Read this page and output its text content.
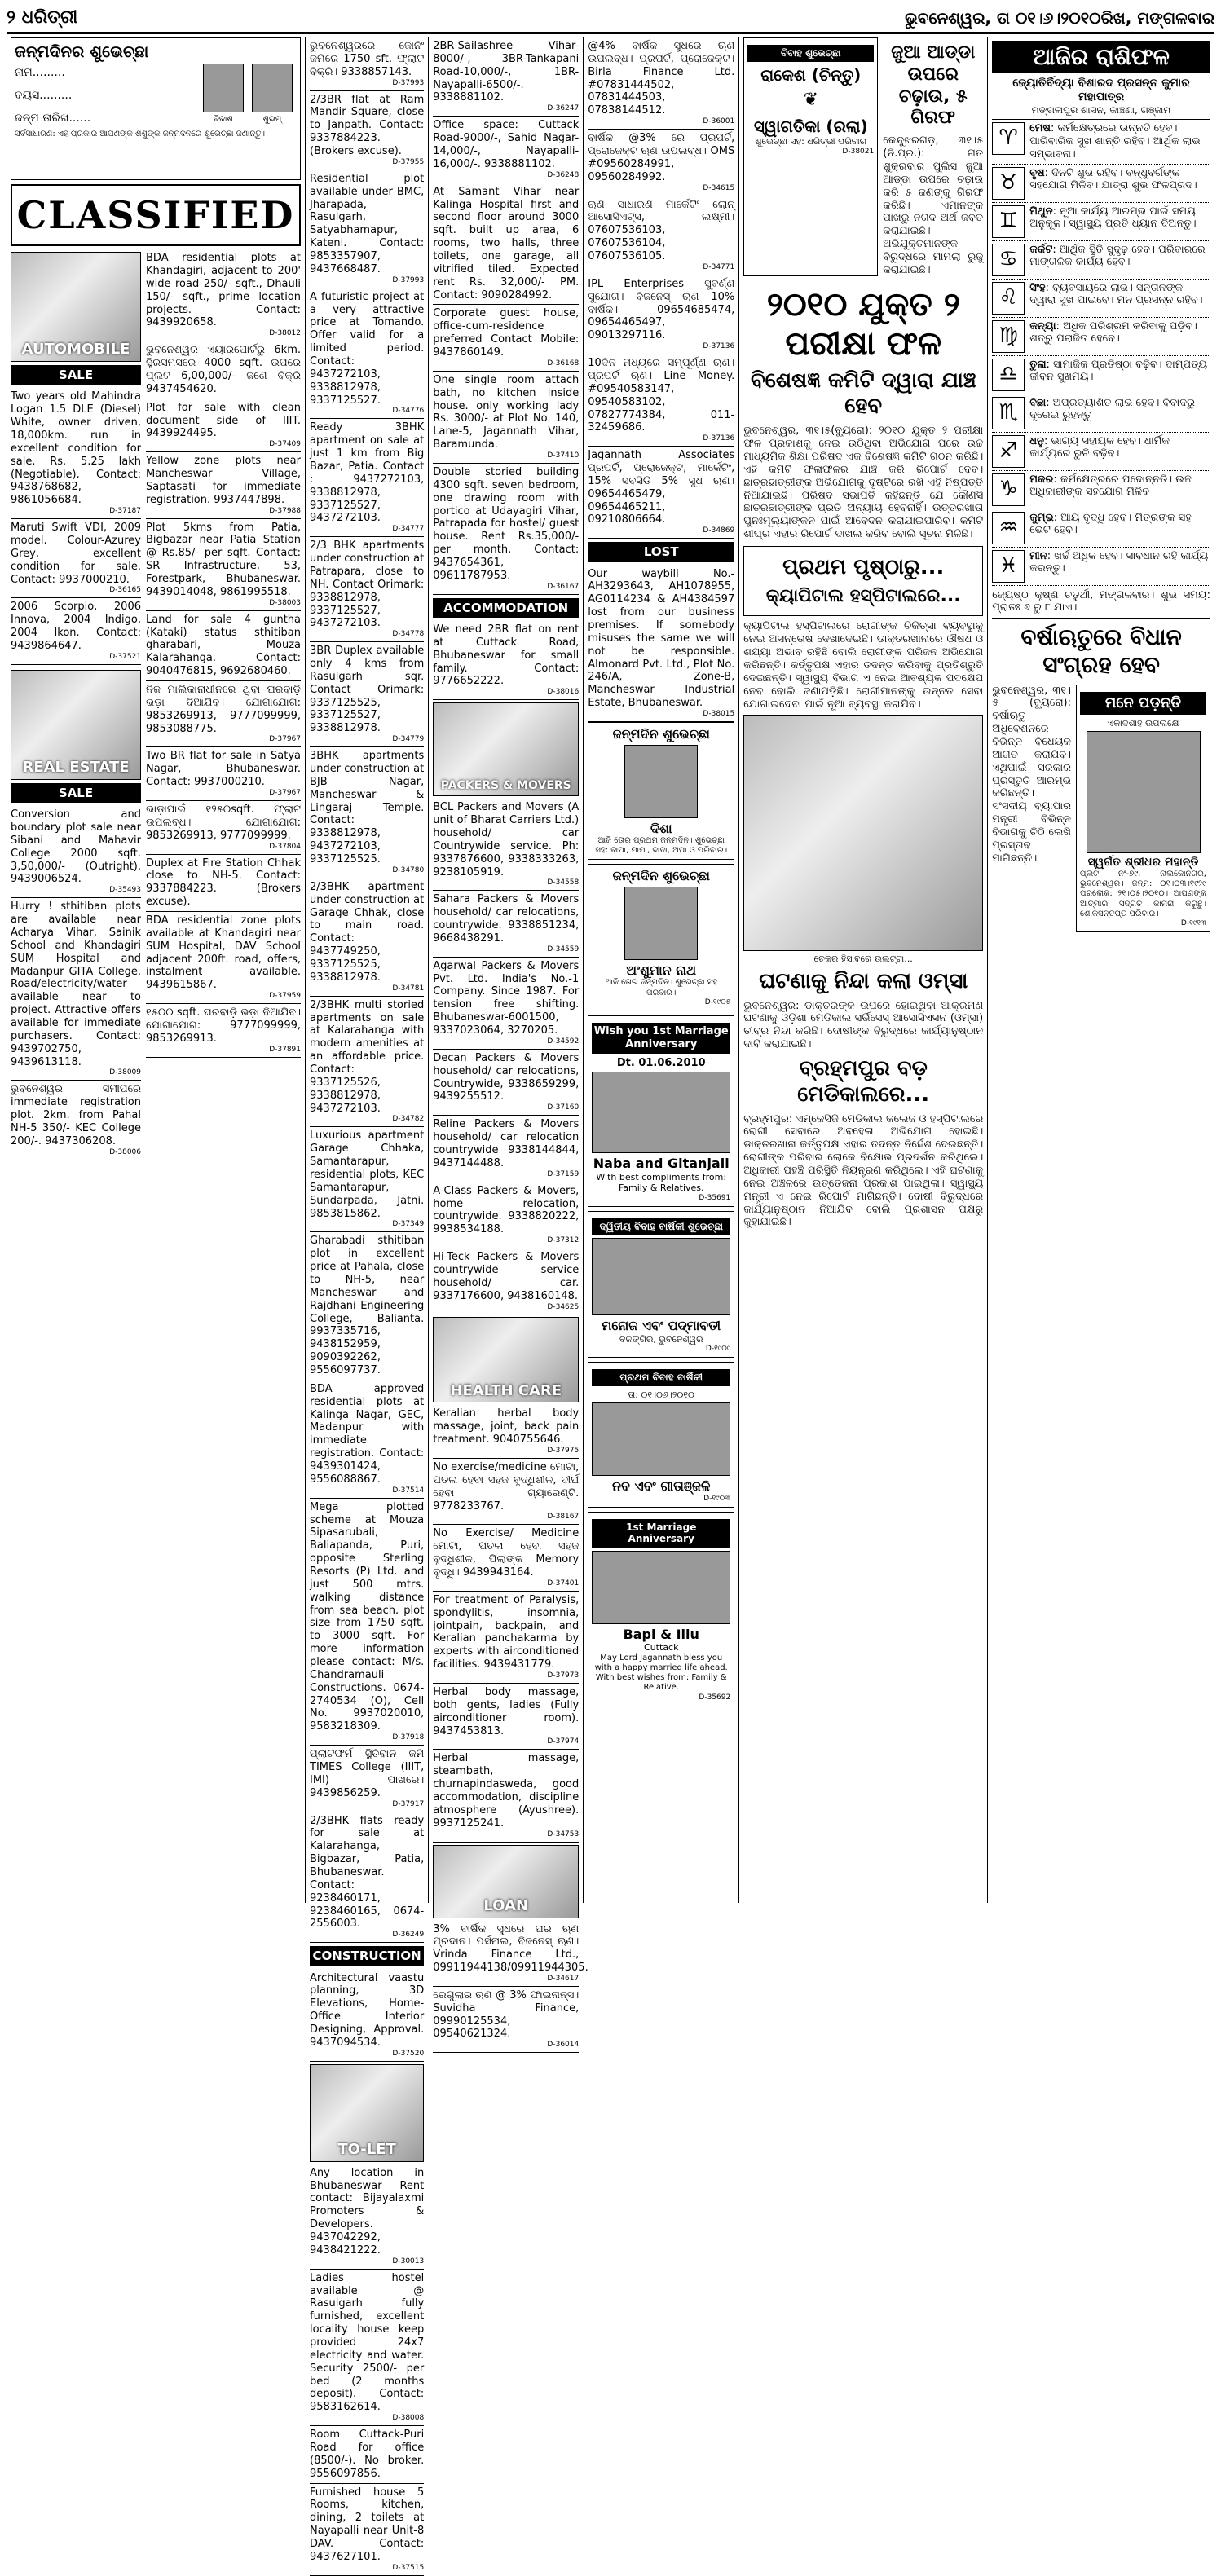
୨ ଧରିତ୍ରୀ	ଭୁବନେଶ୍ୱର, ତା ୦୧।୬।୨୦୧୦ରିଖ, ମଙ୍ଗଳବାର
ଜନ୍ମଦିନର ଶୁଭେଚ୍ଛା
ନାମ.........
ବୟସ.........
ଜନ୍ମ ତାରିଖ......	ବିକାଶ	ଶୁଭମ୍
ସର୍ବସାଧାରଣ: ଏହି ପ୍ରକାର ଆପଣଙ୍କ ଶିଶୁଙ୍କ ଜନ୍ମଦିନରେ ଶୁଭେଚ୍ଛା ଜଣାନ୍ତୁ।
CLASSIFIED
AUTOMOBILE
SALE
Two years old Mahindra Logan 1.5 DLE (Diesel) White, owner driven, 18,000km. run in excellent condition for sale. Rs. 5.25 lakh (Negotiable). Contact: 9438768682, 9861056684.
D-37187
Maruti Swift VDI, 2009 model. Colour-Azurey Grey, excellent condition for sale. Contact: 9937000210.
D-36165
2006 Scorpio, 2006 Innova, 2004 Indigo, 2004 Ikon. Contact: 9439864647.
D-37521
REAL ESTATE
SALE
Conversion and boundary plot sale near Sibani and Mahavir College 2000 sqft. 3,50,000/- (Outright). 9439006524.
D-35493
Hurry ! sthitiban plots are available near Acharya Vihar, Sainik School and Khandagiri SUM Hospital and Madanpur GITA College. Road/electricity/water available near to project. Attractive offers available for immediate purchasers. Contact: 9439702750, 9439613118.
D-38009
ଭୁବନେଶ୍ୱର ସମୀପରେ immediate registration plot. 2km. from Pahal NH-5 350/- KEC College 200/-. 9437306208.
D-38006
BDA residential plots at Khandagiri, adjacent to 200' wide road 250/- sqft., Dhauli 150/- sqft., prime location projects. Contact: 9439920658.
D-38012
ଭୁବନେଶ୍ୱର ଏୟାରପୋର୍ଟରୁ 6km. ସ୍ଥିରସମସରେ 4000 sqft. ଉପରେ ପ୍ଲଟ 6,00,000/- ଜଣେ ବିକ୍ରି 9437454620.
Plot for sale with clean document side of IIIT. 9439924495.
D-37409
Yellow zone plots near Mancheswar Village, Saptasati for immediate registration. 9937447898.
D-37988
Plot 5kms from Patia, Bigbazar near Patia Station @ Rs.85/- per sqft. Contact: SR Infrastructure, 53, Forestpark, Bhubaneswar. 9439014048, 9861995518.
D-38003
Land for sale 4 guntha (Kataki) status sthitiban gharabari, Mouza Kalarahanga. Contact: 9040476815, 9692680460.
ନିଜ ମାଲିକାନାଧୀନରେ ଥିବା ଘରବାଡ଼ି ଭଡ଼ା ଦିଆଯିବ। ଯୋଗାଯୋଗ: 9853269913, 9777099999, 9853088775.
D-37967
Two BR flat for sale in Satya Nagar, Bhubaneswar. Contact: 9937000210.
D-37967
ଭାଡ଼ାପାଇଁ ୧୨୫୦sqft. ଫ୍ଲାଟ ଉପଲବ୍ଧ। ଯୋଗାଯୋଗ: 9853269913, 9777099999.
D-37804
Duplex at Fire Station Chhak close to NH-5. Contact: 9337884223. (Brokers excuse).
BDA residential zone plots available at Khandagiri near SUM Hospital, DAV School adjacent 200ft. road, offers, instalment available. 9439615867.
D-37959
୧୫୦୦ sqft. ଘରବାଡ଼ି ଭଡ଼ା ଦିଆଯିବ। ଯୋଗାଯୋଗ: 9777099999, 9853269913.
D-37891
ଭୁବନେଶ୍ୱରରେ ଜୋନିଂ ଜମିରେ 1750 sft. ଫ୍ଲାଟ ବିକ୍ରି। 9338857143.
D-37993
2/3BR flat at Ram Mandir Square, close to Janpath. Contact: 9337884223. (Brokers excuse).
D-37955
Residential plot available under BMC, Jharapada, Rasulgarh, Satyabhamapur, Kateni. Contact: 9853357907, 9437668487.
D-37993
A futuristic project at a very attractive price at Tomando. Offer valid for a limited period. Contact: 9437272103, 9338812978, 9337125527.
D-34776
Ready 3BHK apartment on sale at just 1 km from Big Bazar, Patia. Contact : 9437272103, 9338812978, 9337125527, 9437272103.
D-34777
2/3 BHK apartments under construction at Patrapara, close to NH. Contact Orimark: 9338812978, 9337125527, 9437272103.
D-34778
3BR Duplex available only 4 kms from Rasulgarh sqr. Contact Orimark: 9337125525, 9337125527, 9338812978.
D-34779
3BHK apartments under construction at BJB Nagar, Mancheswar & Lingaraj Temple. Contact: 9338812978, 9437272103, 9337125525.
D-34780
2/3BHK apartment under construction at Garage Chhak, close to main road. Contact: 9437749250, 9337125525, 9338812978.
D-34781
2/3BHK multi storied apartments on sale at Kalarahanga with modern amenities at an affordable price. Contact: 9337125526, 9338812978, 9437272103.
D-34782
Luxurious apartment Garage Chhaka, Samantarapur, residential plots, KEC Samantarapur, Sundarpada, Jatni. 9853815862.
D-37349
Gharabadi sthitiban plot in excellent price at Pahala, close to NH-5, near Mancheswar and Rajdhani Engineering College, Balianta. 9937335716, 9438152959, 9090392262, 9556097737.
BDA approved residential plots at Kalinga Nagar, GEC, Madanpur with immediate registration. Contact: 9439301424, 9556088867.
D-37514
Mega plotted scheme at Mouza Sipasarubali, Baliapanda, Puri, opposite Sterling Resorts (P) Ltd. and just 500 mtrs. walking distance from sea beach. plot size from 1750 sqft. to 3000 sqft. For more information please contact: M/s. Chandramauli Constructions. 0674-2740534 (O), Cell No. 9937020010, 9583218309.
D-37918
ପ୍ଲାଟଫର୍ମ ସ୍ଥିତିବାନ ଜମି TIMES College (IIIT, IMI) ପାଖରେ। 9439856259.
D-37917
2/3BHK flats ready for sale at Kalarahanga, Bigbazar, Patia, Bhubaneswar. Contact: 9238460171, 9238460165, 0674-2556003.
D-36249
CONSTRUCTION
Architectural vaastu planning, 3D Elevations, Home-Office Interior Designing, Approval. 9437094534.
D-37520
TO-LET
Any location in Bhubaneswar Rent contact: Bijayalaxmi Promoters & Developers. 9437042292, 9438421222.
D-30013
Ladies hostel available @ Rasulgarh fully furnished, excellent locality house keep provided 24x7 electricity and water. Security 2500/- per bed (2 months deposit). Contact: 9583162614.
D-38008
Room Cuttack-Puri Road for office (8500/-). No broker. 9556097856.
Furnished house 5 Rooms, kitchen, dining, 2 toilets at Nayapalli near Unit-8 DAV. Contact: 9437627101.
D-37515
2BR-Sailashree Vihar-8000/-, 3BR-Tankapani Road-10,000/-, 1BR-Nayapalli-6500/-. 9338881102.
D-36247
Office space: Cuttack Road-9000/-, Sahid Nagar-14,000/-, Nayapalli-16,000/-. 9338881102.
D-36248
At Samant Vihar near Kalinga Hospital first and second floor around 3000 sqft. built up area, 6 rooms, two halls, three toilets, one garage, all vitrified tiled. Expected rent Rs. 32,000/- PM. Contact: 9090284992.
Corporate guest house, office-cum-residence preferred Contact Mobile: 9437860149.
D-36168
One single room attach bath, no kitchen inside house. only working lady Rs. 3000/- at Plot No. 140, Lane-5, Jagannath Vihar, Baramunda.
D-37410
Double storied building 4300 sqft. seven bedroom, one drawing room with portico at Udayagiri Vihar, Patrapada for hostel/ guest house. Rent Rs.35,000/- per month. Contact: 9437654361, 09611787953.
D-36167
ACCOMMODATION
We need 2BR flat on rent at Cuttack Road, Bhubaneswar for small family. Contact: 9776652222.
D-38016
PACKERS & MOVERS
BCL Packers and Movers (A unit of Bharat Carriers Ltd.) household/ car Countrywide service. Ph: 9337876600, 9338333263, 9238105919.
D-34558
Sahara Packers & Movers household/ car relocations, countrywide. 9338851234, 9668438291.
D-34559
Agarwal Packers & Movers Pvt. Ltd. India's No.-1 Company. Since 1987. For tension free shifting. Bhubaneswar-6001500, 9337023064, 3270205.
D-34592
Decan Packers & Movers household/ car relocations, Countrywide, 9338659299, 9439255512.
D-37160
Reline Packers & Movers household/ car relocation countrywide 9338144844, 9437144488.
D-37159
A-Class Packers & Movers, home relocation, countrywide. 9338820222, 9938534188.
D-37312
Hi-Teck Packers & Movers countrywide service household/ car. 9337176600, 9438160148.
D-34625
HEALTH CARE
Keralian herbal body massage, joint, back pain treatment. 9040755646.
D-37975
No exercise/medicine ମୋଟା, ପତଳା ହେବା ସହଜ ବୃଦ୍ଧିଶୀଳ, ଦୀର୍ଘ ହେବା ଗ୍ୟାରେଣ୍ଟି. 9778233767.
D-38167
No Exercise/ Medicine ମୋଟା, ପତଳା ହେବା ସହଜ ବୃଦ୍ଧିଶୀଳ, ପିଲାଙ୍କ Memory ବୃଦ୍ଧି। 9439943164.
D-37401
For treatment of Paralysis, spondylitis, insomnia, jointpain, backpain, and Keralian panchakarma by experts with airconditioned facilities. 9439431779.
D-37973
Herbal body massage, both gents, ladies (Fully airconditioner room). 9437453813.
D-37974
Herbal massage, steambath, churnapindasweda, good accommodation, discipline atmosphere (Ayushree). 9937125241.
D-34753
LOAN
3% ବାର୍ଷିକ ସୁଧରେ ଘର ଋଣ ପ୍ରଦାନ। ପର୍ସନାଲ, ବିଜନେସ୍ ଋଣ। Vrinda Finance Ltd., 09911944138/09911944305.
D-34617
ରେଗୁଲାର ଋଣ @ 3% ଫାଇନାନ୍ସ। Suvidha Finance, 09990125534, 09540621324.
D-36014
@4% ବାର୍ଷିକ ସୁଧରେ ଋଣ ଉପଲବ୍ଧ। ପ୍ରପର୍ଟି, ପ୍ରୋଜେକ୍ଟ। Birla Finance Ltd. #07831444502, 07831444503, 07838144512.
D-36001
ବାର୍ଷିକ @3% ରେ ପ୍ରପର୍ଟି, ପ୍ରୋଜେକ୍ଟ ଋଣ ଉପଲବ୍ଧ। OMS #09560284991, 09560284992.
D-34615
ଋଣ ସାଧାରଣ ମାର୍କେଟିଂ ଲୋନ୍ ଆସୋସିଏଟ୍ସ, ଲକ୍ଷ୍ମୀ। 07607536103, 07607536104, 07607536105.
D-34771
IPL Enterprises ସୁବର୍ଣ୍ଣ ସୁଯୋଗ। ବିଜନେସ୍ ଋଣ 10% ବାର୍ଷିକ। 09654685474, 09654465497, 09013297116.
D-37136
10ଦିନ ମଧ୍ୟରେ ସମ୍ପୂର୍ଣ୍ଣ ଋଣ। ପ୍ରପର୍ଟି ଋଣ। Line Money. #09540583147, 09540583102, 07827774384, 011-32459686.
D-37136
Jagannath Associates ପ୍ରପର୍ଟି, ପ୍ରୋଜେକ୍ଟ, ମାର୍କେଟିଂ, 15% ସବସିଡି 5% ସୁଧ ଋଣ। 09654465479, 09654465211, 09210806664.
D-34869
LOST
Our waybill No.-AH3293643, AH1078955, AG0114234 & AH4384597 lost from our business premises. If somebody misuses the same we will not be responsible. Almonard Pvt. Ltd., Plot No. 246/A, Zone-B, Mancheswar Industrial Estate, Bhubaneswar.
D-38015
ଜନ୍ମଦିନ ଶୁଭେଚ୍ଛା
ଦିଶା
ଆଜି ତୋର ପ୍ରଥମ ଜନ୍ମଦିନ। ଶୁଭେଚ୍ଛା ସହ: ବାପା, ମାମା, ଦାଦା, ଅପା ଓ ପରିବାର।
ଜନ୍ମଦିନ ଶୁଭେଚ୍ଛା
ଅଂଶୁମାନ ନାଥ
ଆଜି ତୋର ଜନ୍ମଦିନ। ଶୁଭେଚ୍ଛା ସହ ପରିବାର।
D-୧୯୦୫
Wish you 1st Marriage Anniversary
Dt. 01.06.2010
Naba and Gitanjali
With best compliments from: Family & Relatives.
D-35691
ଦ୍ୱିତୀୟ ବିବାହ ବାର୍ଷିକୀ ଶୁଭେଚ୍ଛା
ମନୋଜ ଏବଂ ପଦ୍ମାବତୀ
ବଳଙ୍ଗିର, ଭୁବନେଶ୍ୱର
D-୧୯୦୯
ପ୍ରଥମ ବିବାହ ବାର୍ଷିକୀ
ତା: ୦୧।୦୬।୨୦୧୦
ନବ ଏବଂ ଗୀତାଞ୍ଜଳି
D-୧୯୦୩
1st Marriage Anniversary
Bapi & Illu
Cuttack
May Lord Jagannath bless you with a happy married life ahead. With best wishes from: Family & Relative.
D-35692
ବିବାହ ଶୁଭେଚ୍ଛା
ରାକେଶ (ଚିନ୍ତୁ)
❦
ସ୍ୱାଗତିକା (ରଲା)
ଶୁଭେଚ୍ଛା ସହ: ଧରିତ୍ରୀ ପରିବାର
D-38021
ଜୁଆ ଆଡ୍ଡା ଉପରେ ଚଢ଼ାଉ, ୫ ଗିରଫ
କେନ୍ଦୁଝରଗଡ଼, ୩୧।୫ (ନି.ପ୍ର.): ଗତ ଶୁକ୍ରବାର ପୁଲିସ ଜୁଆ ଆଡ୍ଡା ଉପରେ ଚଢ଼ାଉ କରି ୫ ଜଣଙ୍କୁ ଗିରଫ କରିଛି। ଏମାନଙ୍କ ପାଖରୁ ନଗଦ ଅର୍ଥ ଜବତ କରାଯାଇଛି। ଅଭିଯୁକ୍ତମାନଙ୍କ ବିରୁଦ୍ଧରେ ମାମଲା ରୁଜୁ କରାଯାଇଛି।
୨୦୧୦ ଯୁକ୍ତ ୨ ପରୀକ୍ଷା ଫଳ
ବିଶେଷଜ୍ଞ କମିଟି ଦ୍ୱାରା ଯାଞ୍ଚ ହେବ
ଭୁବନେଶ୍ୱର, ୩୧।୫(ବ୍ୟୁରୋ): ୨୦୧୦ ଯୁକ୍ତ ୨ ପରୀକ୍ଷା ଫଳ ପ୍ରକାଶକୁ ନେଇ ଉଠିଥିବା ଅଭିଯୋଗ ପରେ ଉଚ୍ଚ ମାଧ୍ୟମିକ ଶିକ୍ଷା ପରିଷଦ ଏକ ବିଶେଷଜ୍ଞ କମିଟି ଗଠନ କରିଛି। ଏହି କମିଟି ଫଳାଫଳର ଯାଞ୍ଚ କରି ରିପୋର୍ଟ ଦେବ। ଛାତ୍ରଛାତ୍ରୀଙ୍କ ଅଭିଯୋଗକୁ ଦୃଷ୍ଟିରେ ରଖି ଏହି ନିଷ୍ପତ୍ତି ନିଆଯାଇଛି। ପରିଷଦ ସଭାପତି କହିଛନ୍ତି ଯେ କୌଣସି ଛାତ୍ରଛାତ୍ରୀଙ୍କ ପ୍ରତି ଅନ୍ୟାୟ ହେବନାହିଁ। ଉତ୍ତରଖାତା ପୁନଃମୂଲ୍ୟାଙ୍କନ ପାଇଁ ଆବେଦନ କରାଯାଇପାରିବ। କମିଟି ଶୀଘ୍ର ଏହାର ରିପୋର୍ଟ ଦାଖଲ କରିବ ବୋଲି ସୂଚନା ମିଳିଛି।
ପ୍ରଥମ ପୃଷ୍ଠାରୁ...
କ୍ୟାପିଟାଲ ହସ୍ପିଟାଲରେ...
କ୍ୟାପିଟାଲ ହସ୍ପିଟାଲରେ ରୋଗୀଙ୍କ ଚିକିତ୍ସା ବ୍ୟବସ୍ଥାକୁ ନେଇ ଅସନ୍ତୋଷ ଦେଖାଦେଇଛି। ଡାକ୍ତରଖାନାରେ ଔଷଧ ଓ ଶଯ୍ୟା ଅଭାବ ରହିଛି ବୋଲି ରୋଗୀଙ୍କ ପରିଜନ ଅଭିଯୋଗ କରିଛନ୍ତି। କର୍ତ୍ତୃପକ୍ଷ ଏହାର ତଦନ୍ତ କରିବାକୁ ପ୍ରତିଶ୍ରୁତି ଦେଇଛନ୍ତି। ସ୍ୱାସ୍ଥ୍ୟ ବିଭାଗ ଏ ନେଇ ଆବଶ୍ୟକ ପଦକ୍ଷେପ ନେବ ବୋଲି ଜଣାପଡ଼ିଛି। ରୋଗୀମାନଙ୍କୁ ଉନ୍ନତ ସେବା ଯୋଗାଇଦେବା ପାଇଁ ନୂଆ ବ୍ୟବସ୍ଥା କରାଯିବ।
ଚେକର ହିସାବରେ ଉଲଟ୍ଟା...
ଘଟଣାକୁ ନିନ୍ଦା କଲା ଓମ୍‌ସା
ଭୁବନେଶ୍ୱର: ଡାକ୍ତରଙ୍କ ଉପରେ ହୋଇଥିବା ଆକ୍ରମଣ ଘଟଣାକୁ ଓଡ଼ିଶା ମେଡିକାଲ ସର୍ଭିସେସ୍ ଆସୋସିଏସନ (ଓମ୍‌ସା) ତୀବ୍ର ନିନ୍ଦା କରିଛି। ଦୋଷୀଙ୍କ ବିରୁଦ୍ଧରେ କାର୍ଯ୍ୟାନୁଷ୍ଠାନ ଦାବି କରାଯାଇଛି।
ବ୍ରହ୍ମପୁର ବଡ଼ ମେଡିକାଲରେ...
ବ୍ରହ୍ମପୁର: ଏମ୍‌କେସିଜି ମେଡିକାଲ କଲେଜ ଓ ହସ୍ପିଟାଲରେ ରୋଗୀ ସେବାରେ ଅବହେଳା ଅଭିଯୋଗ ହୋଇଛି। ଡାକ୍ତରଖାନା କର୍ତ୍ତୃପକ୍ଷ ଏହାର ତଦନ୍ତ ନିର୍ଦ୍ଦେଶ ଦେଇଛନ୍ତି। ରୋଗୀଙ୍କ ପରିବାର ଲୋକେ ବିକ୍ଷୋଭ ପ୍ରଦର୍ଶନ କରିଥିଲେ। ଅଧିକାରୀ ପହଞ୍ଚି ପରିସ୍ଥିତି ନିୟନ୍ତ୍ରଣ କରିଥିଲେ। ଏହି ଘଟଣାକୁ ନେଇ ଅଞ୍ଚଳରେ ଉତ୍ତେଜନା ପ୍ରକାଶ ପାଇଥିଲା। ସ୍ୱାସ୍ଥ୍ୟ ମନ୍ତ୍ରୀ ଏ ନେଇ ରିପୋର୍ଟ ମାଗିଛନ୍ତି। ଦୋଷୀ ବିରୁଦ୍ଧରେ କାର୍ଯ୍ୟାନୁଷ୍ଠାନ ନିଆଯିବ ବୋଲି ପ୍ରଶାସନ ପକ୍ଷରୁ କୁହାଯାଇଛି।
ଆଜିର ରାଶିଫଳ
ଜ୍ୟୋତିର୍ବିଦ୍ୟା ବିଶାରଦ ପ୍ରସନ୍ନ କୁମାର ମହାପାତ୍ର
ମଙ୍ଗଳାପୁର ଶାସନ, କାଞ୍ଚଣା, ଗଞ୍ଜାମ
♈	ମେଷ: କର୍ମକ୍ଷେତ୍ରରେ ଉନ୍ନତି ହେବ। ପାରିବାରିକ ସୁଖ ଶାନ୍ତି ରହିବ। ଆର୍ଥିକ ଲାଭ ସମ୍ଭାବନା।
♉	ବୃଷ: ଦିନଟି ଶୁଭ ରହିବ। ବନ୍ଧୁବର୍ଗଙ୍କ ସହଯୋଗ ମିଳିବ। ଯାତ୍ରା ଶୁଭ ଫଳପ୍ରଦ।
♊	ମିଥୁନ: ନୂଆ କାର୍ଯ୍ୟ ଆରମ୍ଭ ପାଇଁ ସମୟ ଅନୁକୂଳ। ସ୍ୱାସ୍ଥ୍ୟ ପ୍ରତି ଧ୍ୟାନ ଦିଅନ୍ତୁ।
♋	କର୍କଟ: ଆର୍ଥିକ ସ୍ଥିତି ସୁଦୃଢ଼ ହେବ। ପରିବାରରେ ମାଙ୍ଗଳିକ କାର୍ଯ୍ୟ ହେବ।
♌	ସିଂହ: ବ୍ୟବସାୟରେ ଲାଭ। ସନ୍ତାନଙ୍କ ଦ୍ୱାରା ସୁଖ ପାଇବେ। ମନ ପ୍ରସନ୍ନ ରହିବ।
♍	କନ୍ୟା: ଅଧିକ ପରିଶ୍ରମ କରିବାକୁ ପଡ଼ିବ। ଶତ୍ରୁ ପରାଜିତ ହେବେ।
♎	ତୁଳା: ସାମାଜିକ ପ୍ରତିଷ୍ଠା ବଢ଼ିବ। ଦାମ୍ପତ୍ୟ ଜୀବନ ସୁଖମୟ।
♏	ବିଛା: ଅପ୍ରତ୍ୟାଶିତ ଲାଭ ହେବ। ବିବାଦରୁ ଦୂରେଇ ରୁହନ୍ତୁ।
♐	ଧନୁ: ଭାଗ୍ୟ ସହାୟକ ହେବ। ଧାର୍ମିକ କାର୍ଯ୍ୟରେ ରୁଚି ବଢ଼ିବ।
♑	ମକର: କର୍ମକ୍ଷେତ୍ରରେ ପଦୋନ୍ନତି। ଉଚ୍ଚ ଅଧିକାରୀଙ୍କ ସହଯୋଗ ମିଳିବ।
♒	କୁମ୍ଭ: ଆୟ ବୃଦ୍ଧି ହେବ। ମିତ୍ରଙ୍କ ସହ ଭେଟ ହେବ।
♓	ମୀନ: ଖର୍ଚ୍ଚ ଅଧିକ ହେବ। ସାବଧାନ ରହି କାର୍ଯ୍ୟ କରନ୍ତୁ।
ଜ୍ୟେଷ୍ଠ କୃଷ୍ଣ ଚତୁର୍ଥୀ, ମଙ୍ଗଳବାର। ଶୁଭ ସମୟ: ପ୍ରାତଃ ୬ ରୁ ୮ ଯାଏ।
ବର୍ଷାଋତୁରେ ବିଧାନ ସଂଗ୍ରହ ହେବ
ଭୁବନେଶ୍ୱର, ୩୧।୫ (ବ୍ୟୁରୋ): ବର୍ଷାଋତୁ ଅଧିବେଶନରେ ବିଭିନ୍ନ ବିଧେୟକ ଆଗତ କରାଯିବ। ଏଥିପାଇଁ ସରକାର ପ୍ରସ୍ତୁତି ଆରମ୍ଭ କରିଛନ୍ତି। ସଂସଦୀୟ ବ୍ୟାପାର ମନ୍ତ୍ରୀ ବିଭିନ୍ନ ବିଭାଗକୁ ଚିଠି ଲେଖି ପ୍ରସ୍ତାବ ମାଗିଛନ୍ତି।
ମନେ ପଡ଼ନ୍ତି
ଏକାଦଶାହ ଉପଲକ୍ଷେ
ସ୍ୱର୍ଗତ ଶ୍ରୀଧର ମହାନ୍ତି
ପ୍ଲଟ ନଂ-୭୯, ନାଲକୋନଗର, ଭୁବନେଶ୍ୱର। ଜନ୍ମ: ୦୧।୦୩।୧୯୨୯ ପରଲୋକ: ୨୧।୦୫।୨୦୧୦। ଆପଣଙ୍କ ଆତ୍ମାର ସଦ୍‌ଗତି କାମନା କରୁଛୁ। ଶୋକସନ୍ତପ୍ତ ପରିବାର।
D-୧୯୧୩
